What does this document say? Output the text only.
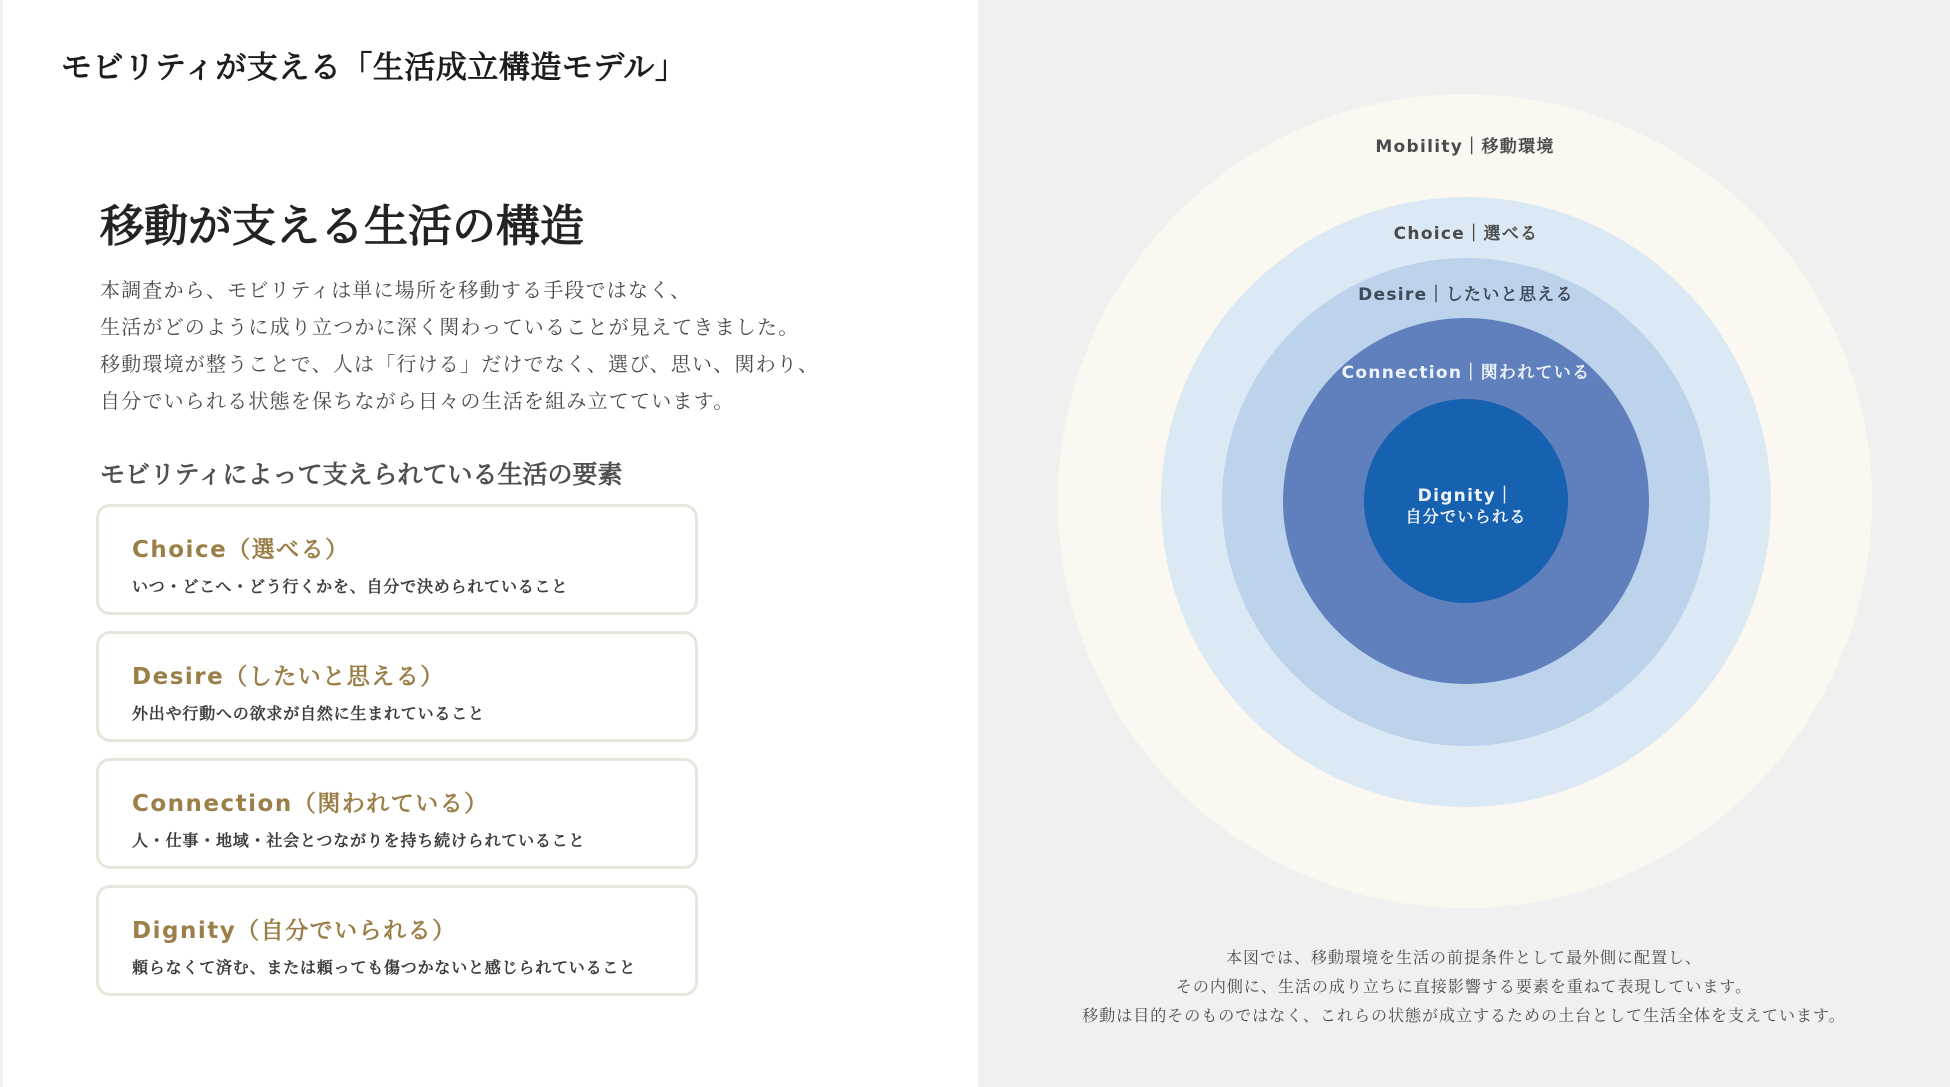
モビリティが支える「生活成立構造モデル」
移動が支える生活の構造
本調査から、モビリティは単に場所を移動する手段ではなく、
生活がどのように成り立つかに深く関わっていることが見えてきました。
移動環境が整うことで、人は「行ける」だけでなく、選び、思い、関わり、
自分でいられる状態を保ちながら日々の生活を組み立てています。
モビリティによって支えられている生活の要素
Choice（選べる）
いつ・どこへ・どう行くかを、自分で決められていること
Desire（したいと思える）
外出や行動への欲求が自然に生まれていること
Connection（関われている）
人・仕事・地域・社会とつながりを持ち続けられていること
Dignity（自分でいられる）
頼らなくて済む、または頼っても傷つかないと感じられていること
Mobility｜移動環境
Choice｜選べる
Desire｜したいと思える
Connection｜関われている
Dignity｜
自分でいられる
本図では、移動環境を生活の前提条件として最外側に配置し、
その内側に、生活の成り立ちに直接影響する要素を重ねて表現しています。
移動は目的そのものではなく、これらの状態が成立するための土台として生活全体を支えています。
